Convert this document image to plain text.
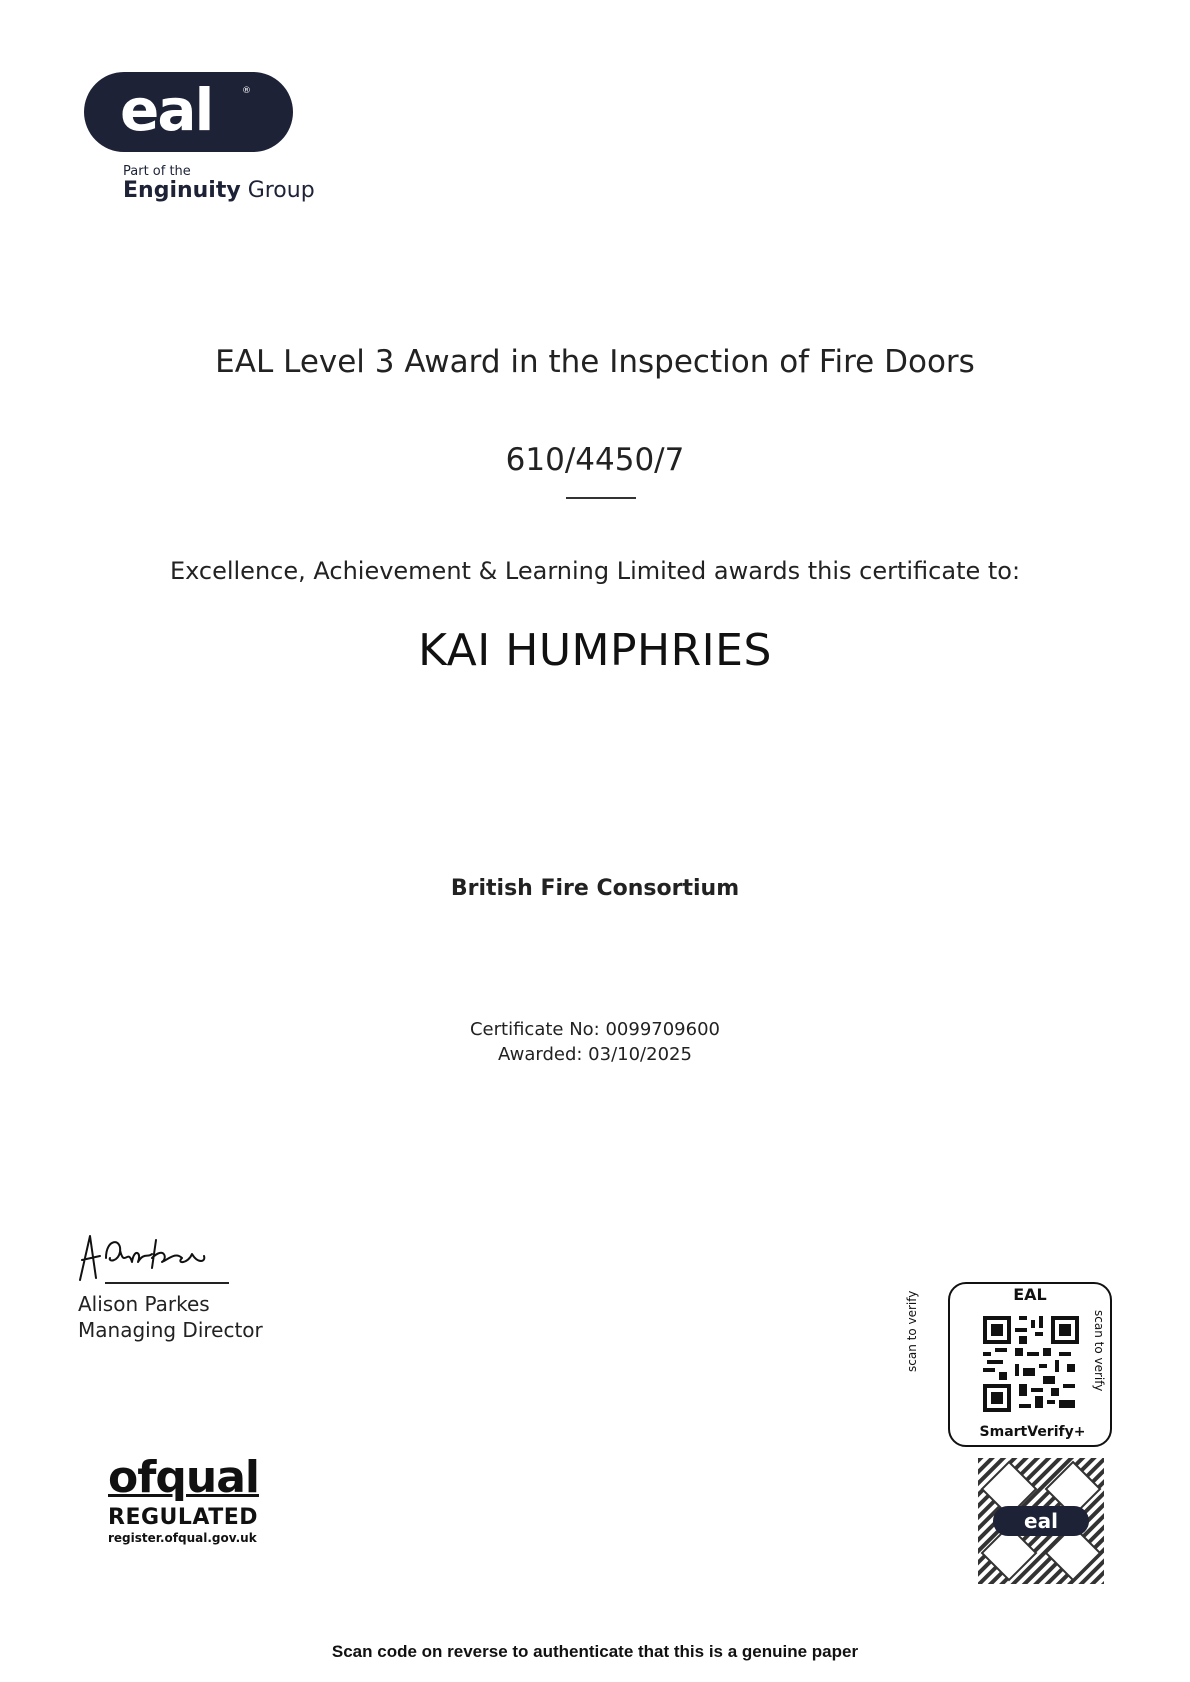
eal	®
Part of the
Enginuity Group
EAL Level 3 Award in the Inspection of Fire Doors
610/4450/7
Excellence, Achievement & Learning Limited awards this certificate to:
KAI HUMPHRIES
British Fire Consortium
Certificate No: 0099709600
Awarded: 03/10/2025
Alison Parkes
Managing Director
ofqual
REGULATED
register.ofqual.gov.uk
EAL
scan to verify	scan to verify
SmartVerify+
eal
Scan code on reverse to authenticate that this is a genuine paper
